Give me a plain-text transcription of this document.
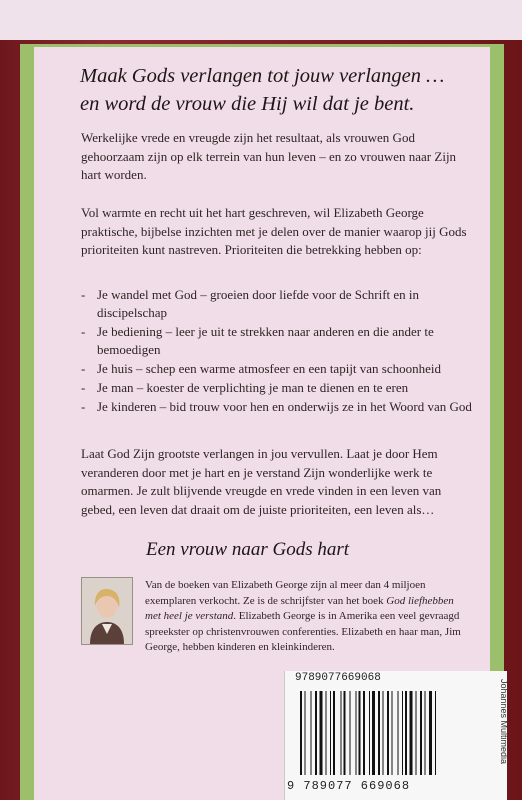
Maak Gods verlangen tot jouw verlangen …
en word de vrouw die Hij wil dat je bent.
Werkelijke vrede en vreugde zijn het resultaat, als vrouwen God gehoorzaam zijn op elk terrein van hun leven – en zo vrouwen naar Zijn hart worden.
Vol warmte en recht uit het hart geschreven, wil Elizabeth George praktische, bijbelse inzichten met je delen over de manier waarop jij Gods prioriteiten kunt nastreven. Prioriteiten die betrekking hebben op:
- Je wandel met God – groeien door liefde voor de Schrift en in discipelschap
- Je bediening – leer je uit te strekken naar anderen en die ander te bemoedigen
- Je huis – schep een warme atmosfeer en een tapijt van schoonheid
- Je man – koester de verplichting je man te dienen en te eren
- Je kinderen – bid trouw voor hen en onderwijs ze in het Woord van God
Laat God Zijn grootste verlangen in jou vervullen. Laat je door Hem veranderen door met je hart en je verstand Zijn wonderlijke werk te omarmen. Je zult blijvende vreugde en vrede vinden in een leven van gebed, een leven dat draait om de juiste prioriteiten, een leven als…
Een vrouw naar Gods hart
Van de boeken van Elizabeth George zijn al meer dan 4 miljoen exemplaren verkocht. Ze is de schrijfster van het boek God liefhebben met heel je verstand. Elizabeth George is in Amerika een veel gevraagd spreekster op christenvrouwen conferenties. Elizabeth en haar man, Jim George, hebben kinderen en kleinkinderen.
9789077669068
9 789077 669068
Johannes Multimedia
